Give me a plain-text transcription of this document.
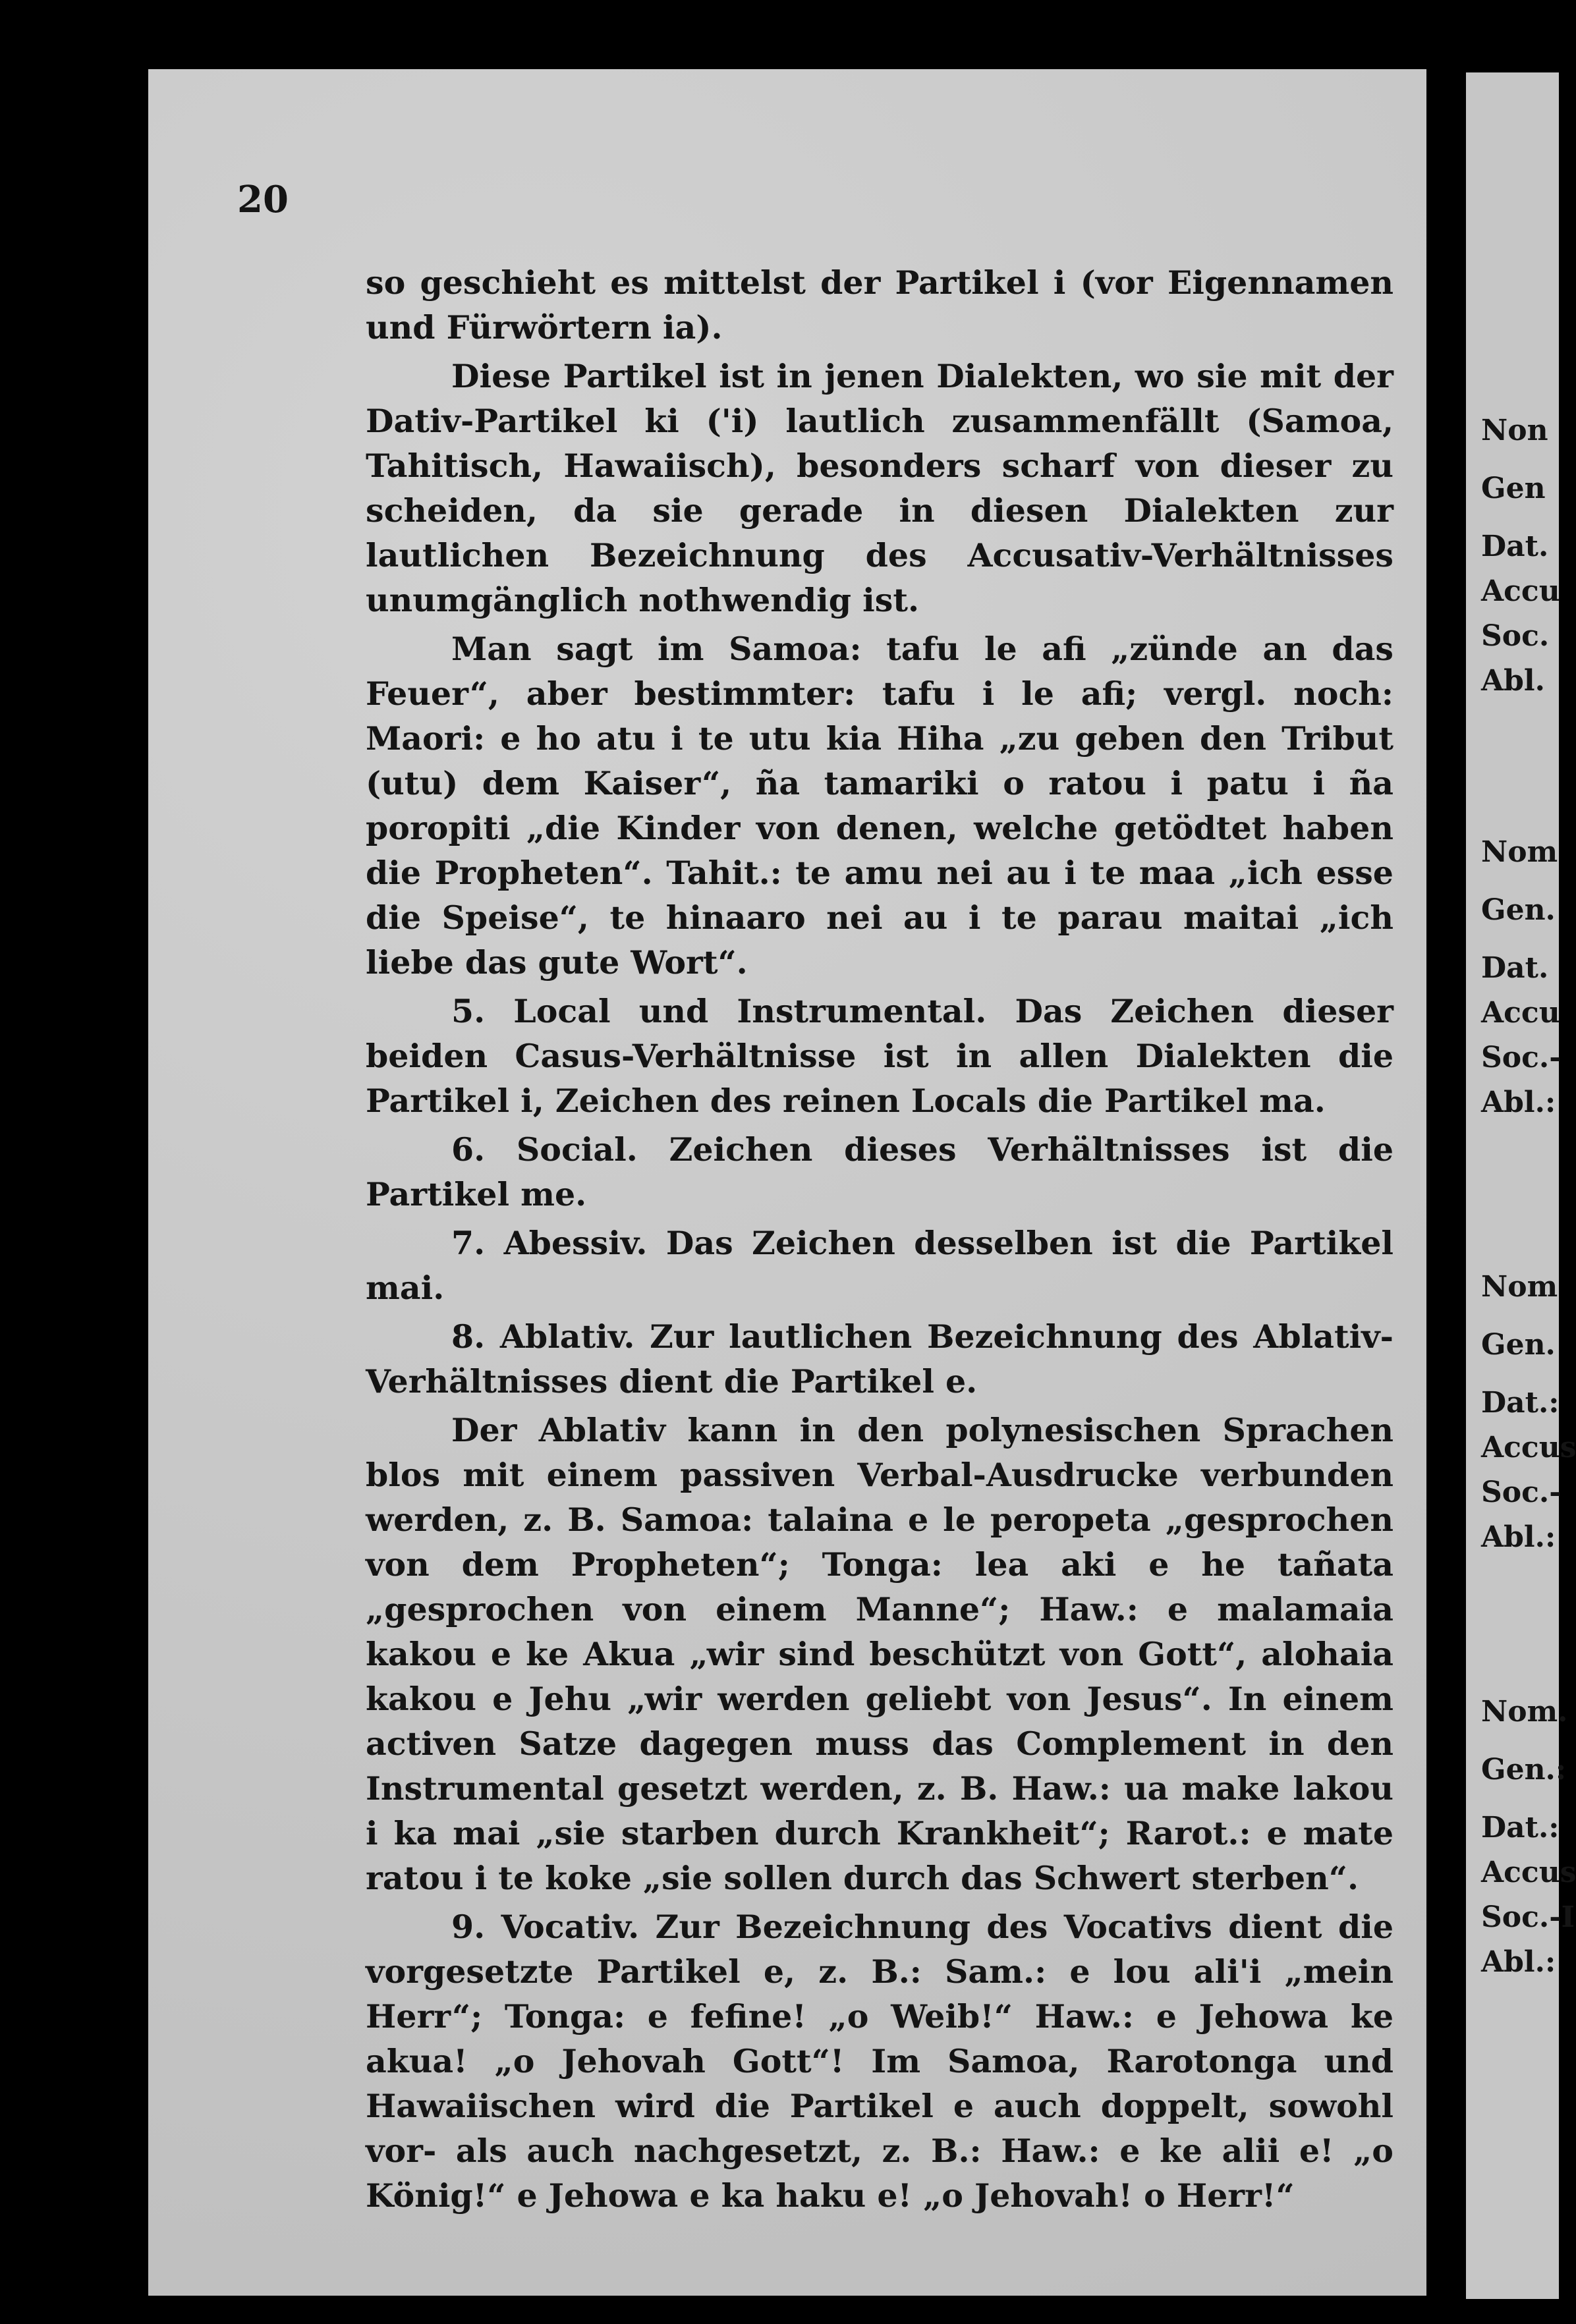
20

so geschieht es mittelst der Partikel i (vor Eigennamen und Fürwörtern ia).

Diese Partikel ist in jenen Dialekten, wo sie mit der Dativ-Partikel ki ('i) lautlich zusammenfällt (Samoa, Tahitisch, Hawaiisch), besonders scharf von dieser zu scheiden, da sie gerade in diesen Dialekten zur lautlichen Bezeichnung des Accusativ-Verhältnisses unumgänglich nothwendig ist.

Man sagt im Samoa: tafu le afi „zünde an das Feuer“, aber bestimmter: tafu i le afi; vergl. noch: Maori: e ho atu i te utu kia Hiha „zu geben den Tribut (utu) dem Kaiser“, ña tamariki o ratou i patu i ña poropiti „die Kinder von denen, welche getödtet haben die Propheten“. Tahit.: te amu nei au i te maa „ich esse die Speise“, te hinaaro nei au i te parau maitai „ich liebe das gute Wort“.

5. Local und Instrumental. Das Zeichen dieser beiden Casus-Verhältnisse ist in allen Dialekten die Partikel i, Zeichen des reinen Locals die Partikel ma.

6. Social. Zeichen dieses Verhältnisses ist die Partikel me.

7. Abessiv. Das Zeichen desselben ist die Partikel mai.

8. Ablativ. Zur lautlichen Bezeichnung des Ablativ-Verhältnisses dient die Partikel e.

Der Ablativ kann in den polynesischen Sprachen blos mit einem passiven Verbal-Ausdrucke verbunden werden, z. B. Samoa: talaina e le peropeta „gesprochen von dem Propheten“; Tonga: lea aki e he tañata „gesprochen von einem Manne“; Haw.: e malamaia kakou e ke Akua „wir sind beschützt von Gott“, alohaia kakou e Jehu „wir werden geliebt von Jesus“. In einem activen Satze dagegen muss das Complement in den Instrumental gesetzt werden, z. B. Haw.: ua make lakou i ka mai „sie starben durch Krankheit“; Rarot.: e mate ratou i te koke „sie sollen durch das Schwert sterben“.

9. Vocativ. Zur Bezeichnung des Vocativs dient die vorgesetzte Partikel e, z. B.: Sam.: e lou ali'i „mein Herr“; Tonga: e fefine! „o Weib!“ Haw.: e Jehowa ke akua! „o Jehovah Gott“! Im Samoa, Rarotonga und Hawaiischen wird die Partikel e auch doppelt, sowohl vor- als auch nachgesetzt, z. B.: Haw.: e ke alii e! „o König!“ e Jehowa e ka haku e! „o Jehovah! o Herr!“

Non
Gen
Dat.
Accu
Soc.
Abl.
Nom
Gen.
Dat.
Accu
Soc.-
Abl.:
Nom
Gen.
Dat.:
Accus
Soc.-
Abl.:
Nom.
Gen.:
Dat.:
Accus
Soc.-I
Abl.:
